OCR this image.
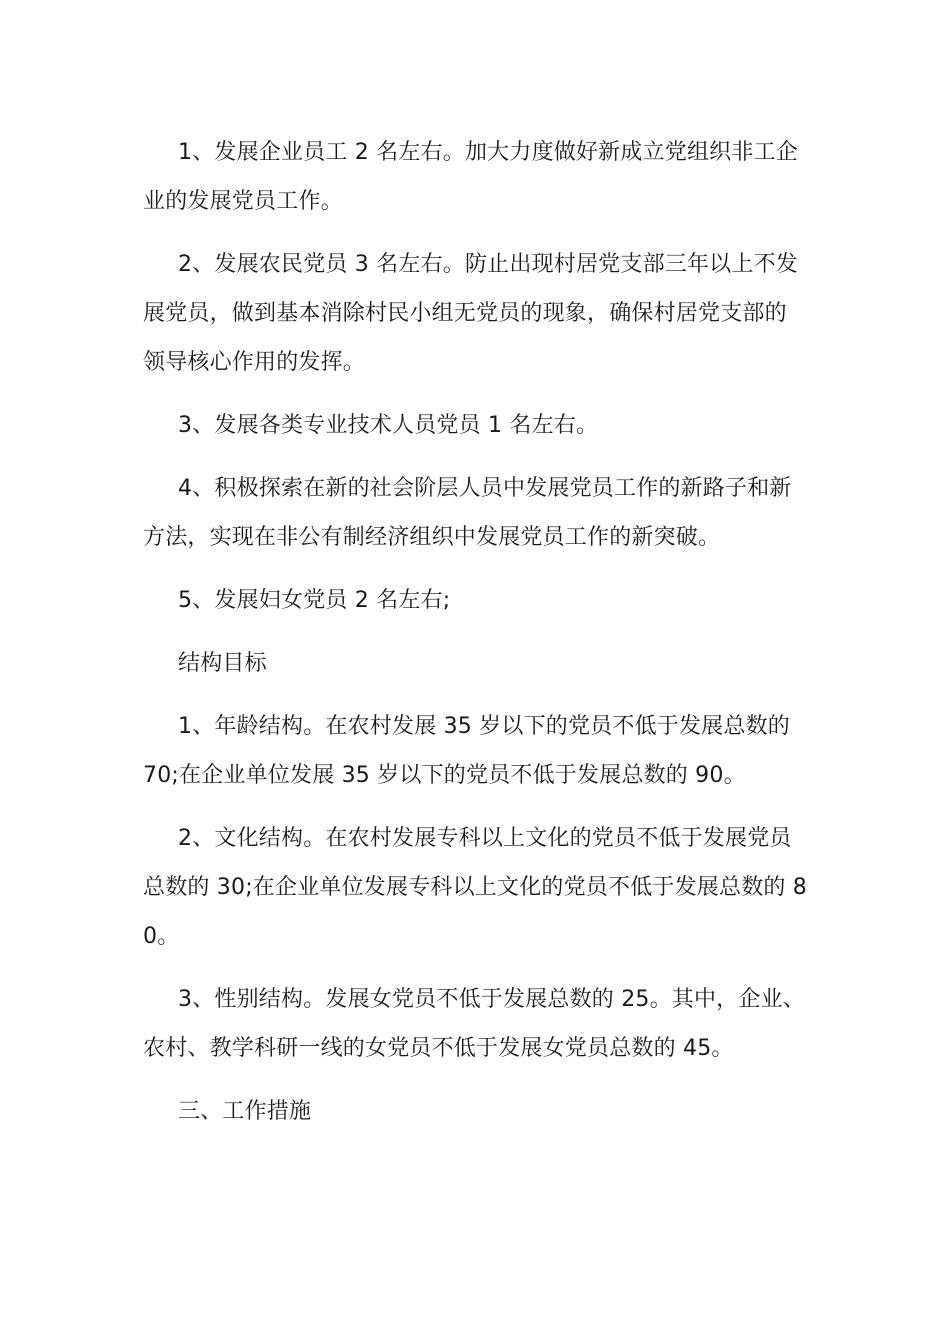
1、发展企业员工 2 名左右。加大力度做好新成立党组织非工企业的发展党员工作。

2、发展农民党员 3 名左右。防止出现村居党支部三年以上不发展党员，做到基本消除村民小组无党员的现象，确保村居党支部的领导核心作用的发挥。

3、发展各类专业技术人员党员 1 名左右。

4、积极探索在新的社会阶层人员中发展党员工作的新路子和新方法，实现在非公有制经济组织中发展党员工作的新突破。

5、发展妇女党员 2 名左右;

结构目标

1、年龄结构。在农村发展 35 岁以下的党员不低于发展总数的 70;在企业单位发展 35 岁以下的党员不低于发展总数的 90。

2、文化结构。在农村发展专科以上文化的党员不低于发展党员总数的 30;在企业单位发展专科以上文化的党员不低于发展总数的 80。

3、性别结构。发展女党员不低于发展总数的 25。其中，企业、农村、教学科研一线的女党员不低于发展女党员总数的 45。

三、工作措施
